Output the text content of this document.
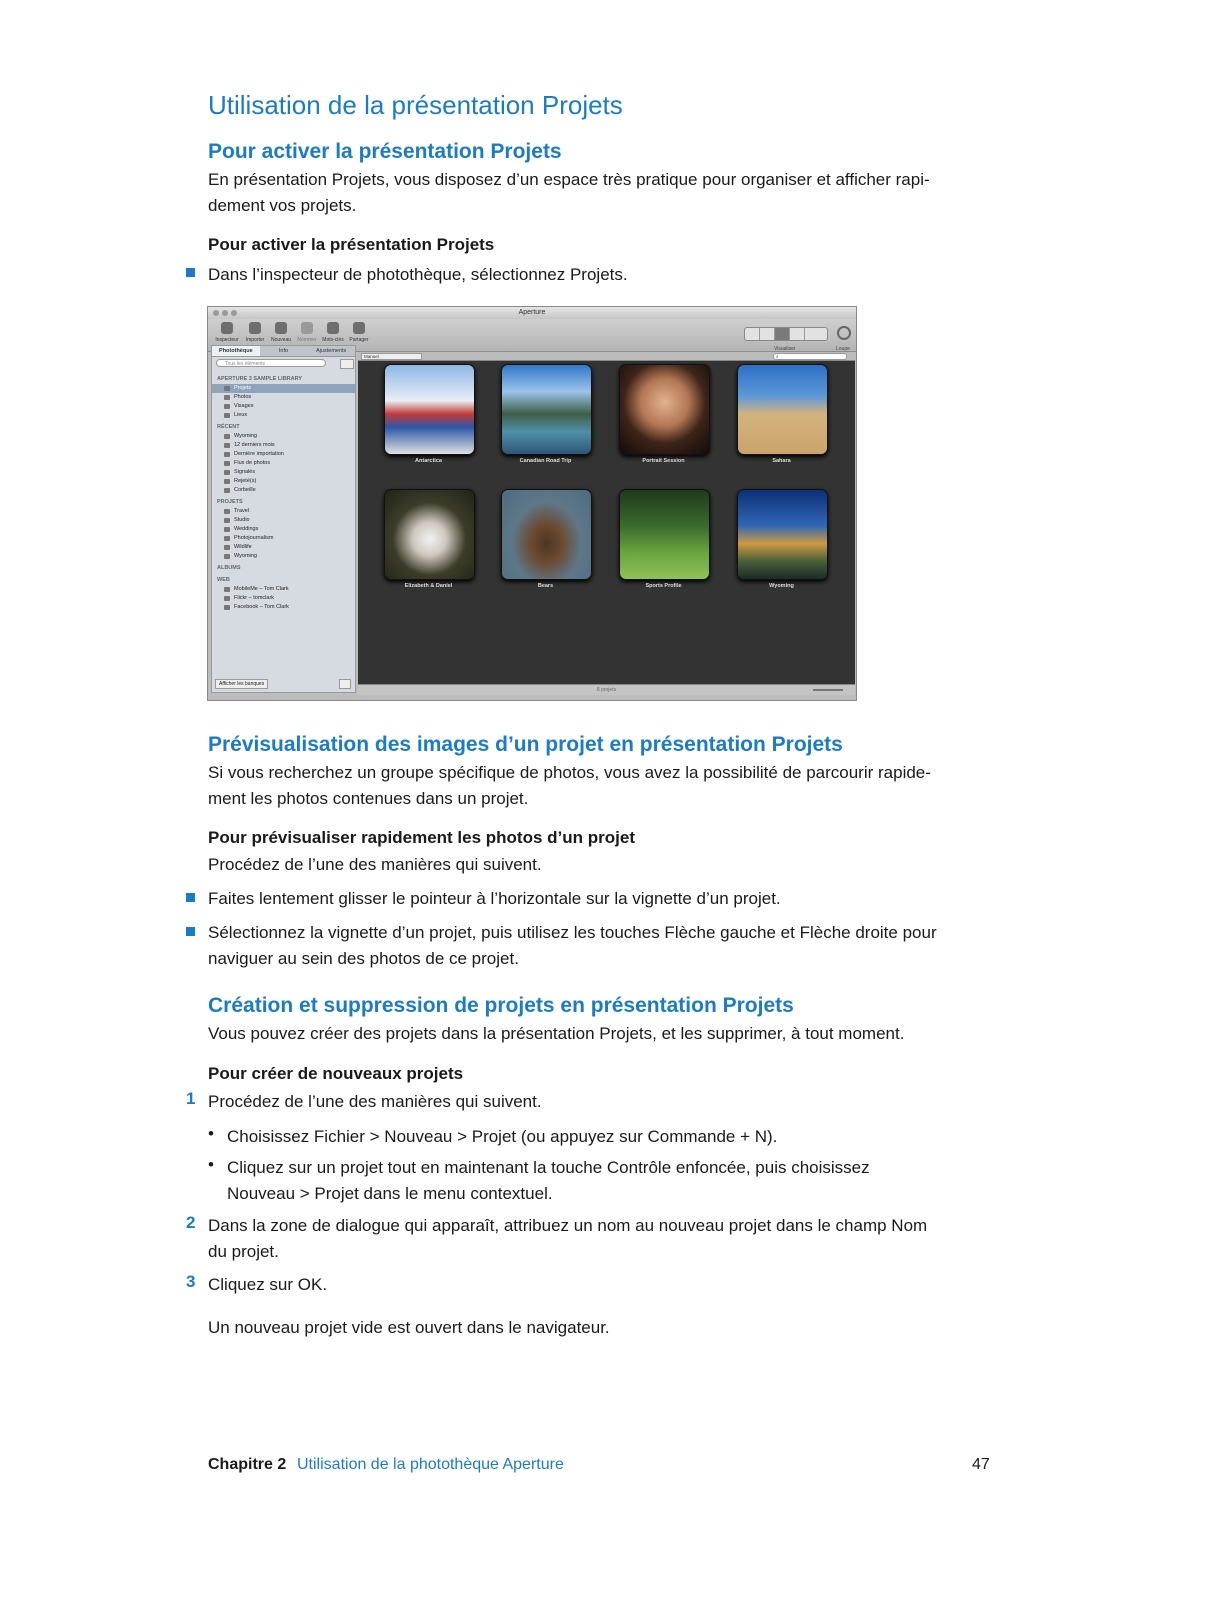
Utilisation de la présentation Projets
Pour activer la présentation Projets

En présentation Projets, vous disposez d’un espace très pratique pour organiser et afficher rapi-
dement vos projets.

Pour activer la présentation Projets

Dans l’inspecteur de photothèque, sélectionnez Projets.

Aperture
Inspecteur	Importer	Nouveau	Nommer	Mots-clés	Partager
Visualiser	Loupe
Photothèque	Info	Ajustements
Tous les éléments
APERTURE 3 SAMPLE LIBRARY
Projets
Photos
Visages
Lieux
RÉCENT
Wyoming
12 derniers mois
Dernière importation
Flux de photos
Signalés
Rejeté(s)
Corbeille
PROJETS
Travel
Studio
Weddings
Photojournalism
Wildlife
Wyoming
ALBUMS
WEB
MobileMe – Tom Clark
Flickr – tomclark
Facebook – Tom Clark
Afficher les banques
Manuel	⌕
Antarctica	Canadian Road Trip	Portrait Session	Sahara
Elizabeth & Daniel	Bears	Sports Profile	Wyoming
8 projets
Prévisualisation des images d’un projet en présentation Projets

Si vous recherchez un groupe spécifique de photos, vous avez la possibilité de parcourir rapide-
ment les photos contenues dans un projet.

Pour prévisualiser rapidement les photos d’un projet

Procédez de l’une des manières qui suivent.

Faites lentement glisser le pointeur à l’horizontale sur la vignette d’un projet.

Sélectionnez la vignette d’un projet, puis utilisez les touches Flèche gauche et Flèche droite pour
naviguer au sein des photos de ce projet.

Création et suppression de projets en présentation Projets

Vous pouvez créer des projets dans la présentation Projets, et les supprimer, à tout moment.

Pour créer de nouveaux projets

1 Procédez de l’une des manières qui suivent.

• Choisissez Fichier > Nouveau > Projet (ou appuyez sur Commande + N).

• Cliquez sur un projet tout en maintenant la touche Contrôle enfoncée, puis choisissez
Nouveau > Projet dans le menu contextuel.

2 Dans la zone de dialogue qui apparaît, attribuez un nom au nouveau projet dans le champ Nom
du projet.

3 Cliquez sur OK.

Un nouveau projet vide est ouvert dans le navigateur.

Chapitre 2 Utilisation de la photothèque Aperture	47
